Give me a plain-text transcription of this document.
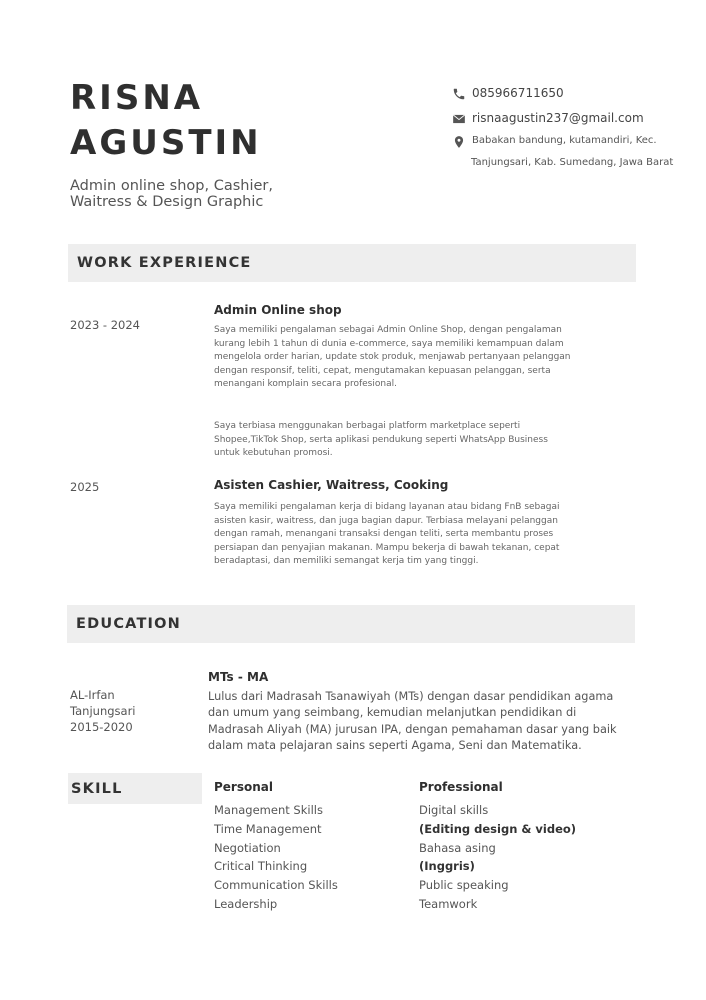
RISNA
AGUSTIN
Admin online shop, Cashier,
Waitress & Design Graphic
085966711650
risnaagustin237@gmail.com
Babakan bandung, kutamandiri, Kec.
Tanjungsari, Kab. Sumedang, Jawa Barat
WORK EXPERIENCE
2023 - 2024
Admin Online shop
Saya memiliki pengalaman sebagai Admin Online Shop, dengan pengalaman kurang lebih 1 tahun di dunia e-commerce, saya memiliki kemampuan dalam mengelola order harian, update stok produk, menjawab pertanyaan pelanggan dengan responsif, teliti, cepat, mengutamakan kepuasan pelanggan, serta menangani komplain secara profesional.
Saya terbiasa menggunakan berbagai platform marketplace seperti Shopee,TikTok Shop, serta aplikasi pendukung seperti WhatsApp Business untuk kebutuhan promosi.
2025	Asisten Cashier, Waitress, Cooking
Saya memiliki pengalaman kerja di bidang layanan atau bidang FnB sebagai asisten kasir, waitress, dan juga bagian dapur. Terbiasa melayani pelanggan dengan ramah, menangani transaksi dengan teliti, serta membantu proses persiapan dan penyajian makanan. Mampu bekerja di bawah tekanan, cepat beradaptasi, dan memiliki semangat kerja tim yang tinggi.
EDUCATION
AL-Irfan
Tanjungsari
2015-2020
MTs - MA
Lulus dari Madrasah Tsanawiyah (MTs) dengan dasar pendidikan agama dan umum yang seimbang, kemudian melanjutkan pendidikan di Madrasah Aliyah (MA) jurusan IPA, dengan pemahaman dasar yang baik dalam mata pelajaran sains seperti Agama, Seni dan Matematika.
SKILL	Personal
Management Skills
Time Management
Negotiation
Critical Thinking
Communication Skills
Leadership
Professional
Digital skills
(Editing design & video)
Bahasa asing
(Inggris)
Public speaking
Teamwork
